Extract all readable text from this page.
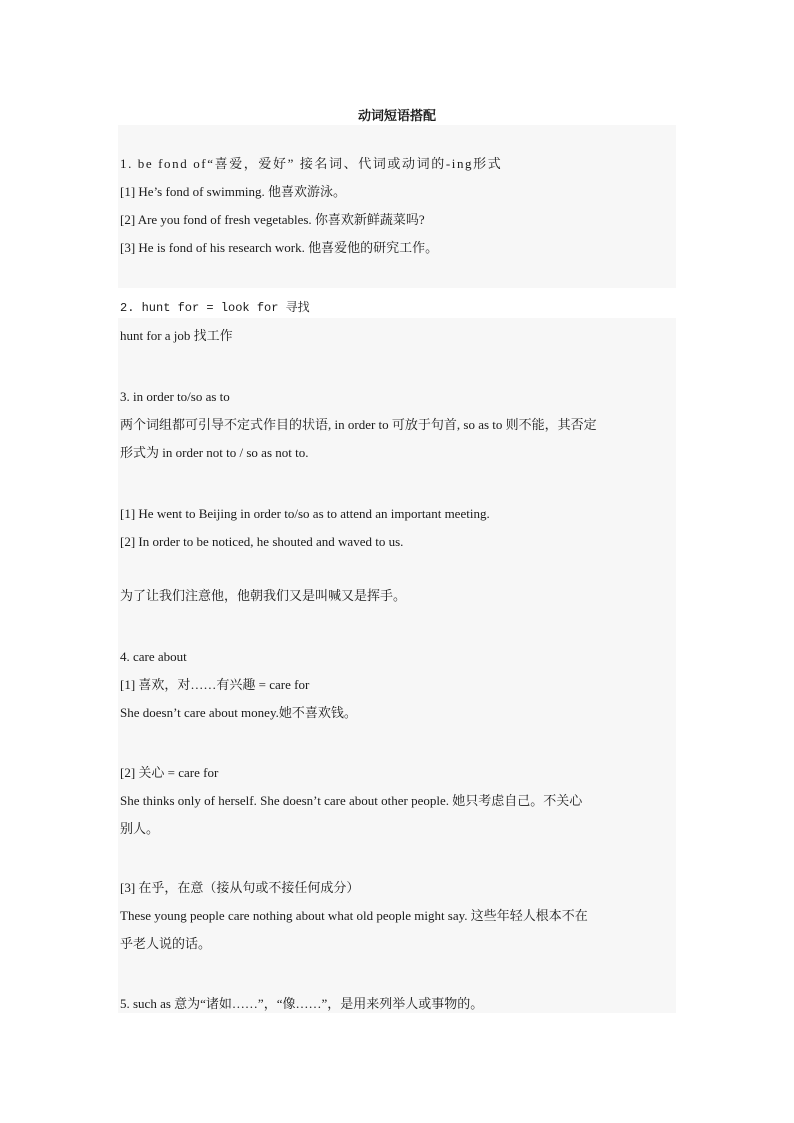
动词短语搭配
1. be fond of“喜爱，爱好” 接名词、代词或动词的-ing形式
[1] He’s fond of swimming. 他喜欢游泳。
[2] Are you fond of fresh vegetables. 你喜欢新鲜蔬菜吗?
[3] He is fond of his research work. 他喜爱他的研究工作。
2. hunt for = look for 寻找
hunt for a job 找工作
3. in order to/so as to
两个词组都可引导不定式作目的状语, in order to 可放于句首, so as to 则不能，其否定
形式为 in order not to / so as not to.
[1] He went to Beijing in order to/so as to attend an important meeting.
[2] In order to be noticed, he shouted and waved to us.
为了让我们注意他，他朝我们又是叫喊又是挥手。
4. care about
[1] 喜欢，对……有兴趣 = care for
She doesn’t care about money.她不喜欢钱。
[2] 关心 = care for
She thinks only of herself. She doesn’t care about other people. 她只考虑自己。不关心
别人。
[3] 在乎，在意（接从句或不接任何成分）
These young people care nothing about what old people might say. 这些年轻人根本不在
乎老人说的话。
5. such as 意为“诸如……”，“像……”，是用来列举人或事物的。
